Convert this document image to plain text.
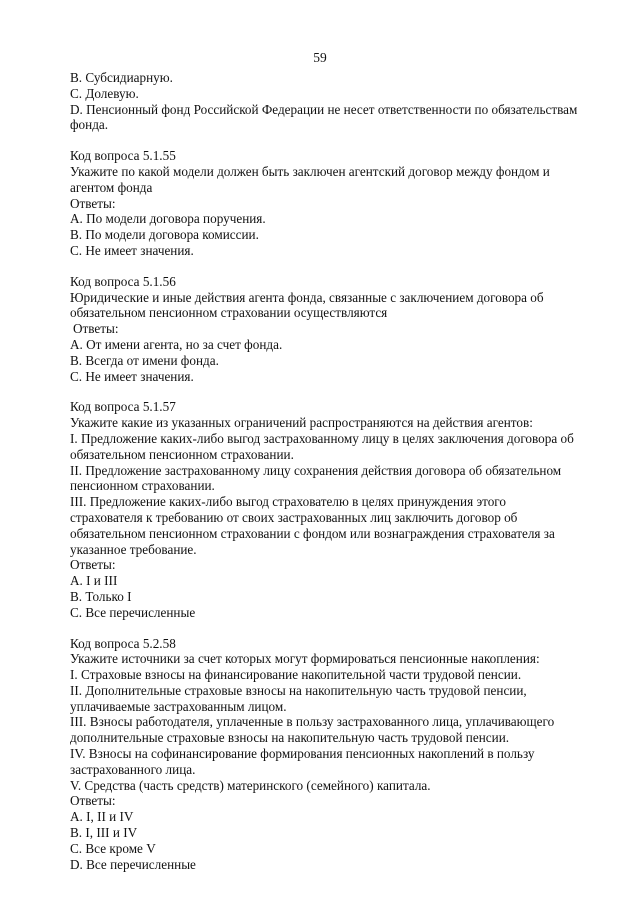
59
B. Субсидиарную.
C. Долевую.
D. Пенсионный фонд Российской Федерации не несет ответственности по обязательствам фонда.
Код вопроса 5.1.55
Укажите по какой модели должен быть заключен агентский договор между фондом и агентом фонда
Ответы:
A. По модели договора поручения.
B. По модели договора комиссии.
C. Не имеет значения.
Код вопроса 5.1.56
Юридические и иные действия агента фонда, связанные с заключением договора об обязательном пенсионном страховании осуществляются
Ответы:
A. От имени агента, но за счет фонда.
B. Всегда от имени фонда.
C. Не имеет значения.
Код вопроса 5.1.57
Укажите какие из указанных ограничений распространяются на действия агентов:
I. Предложение каких-либо выгод застрахованному лицу в целях заключения договора об обязательном пенсионном страховании.
II. Предложение застрахованному лицу сохранения действия договора об обязательном пенсионном страховании.
III. Предложение каких-либо выгод страхователю в целях принуждения этого страхователя к требованию от своих застрахованных лиц заключить договор об обязательном пенсионном страховании с фондом или вознаграждения страхователя за указанное требование.
Ответы:
A. I и III
B. Только I
C. Все перечисленные
Код вопроса 5.2.58
Укажите источники за счет которых могут формироваться пенсионные накопления:
I. Страховые взносы на финансирование накопительной части трудовой пенсии.
II. Дополнительные страховые взносы на накопительную часть трудовой пенсии, уплачиваемые застрахованным лицом.
III. Взносы работодателя, уплаченные в пользу застрахованного лица, уплачивающего дополнительные страховые взносы на накопительную часть трудовой пенсии.
IV. Взносы на софинансирование формирования пенсионных накоплений в пользу застрахованного лица.
V. Средства (часть средств) материнского (семейного) капитала.
Ответы:
A. I, II и IV
B. I, III и IV
C. Все кроме V
D. Все перечисленные
